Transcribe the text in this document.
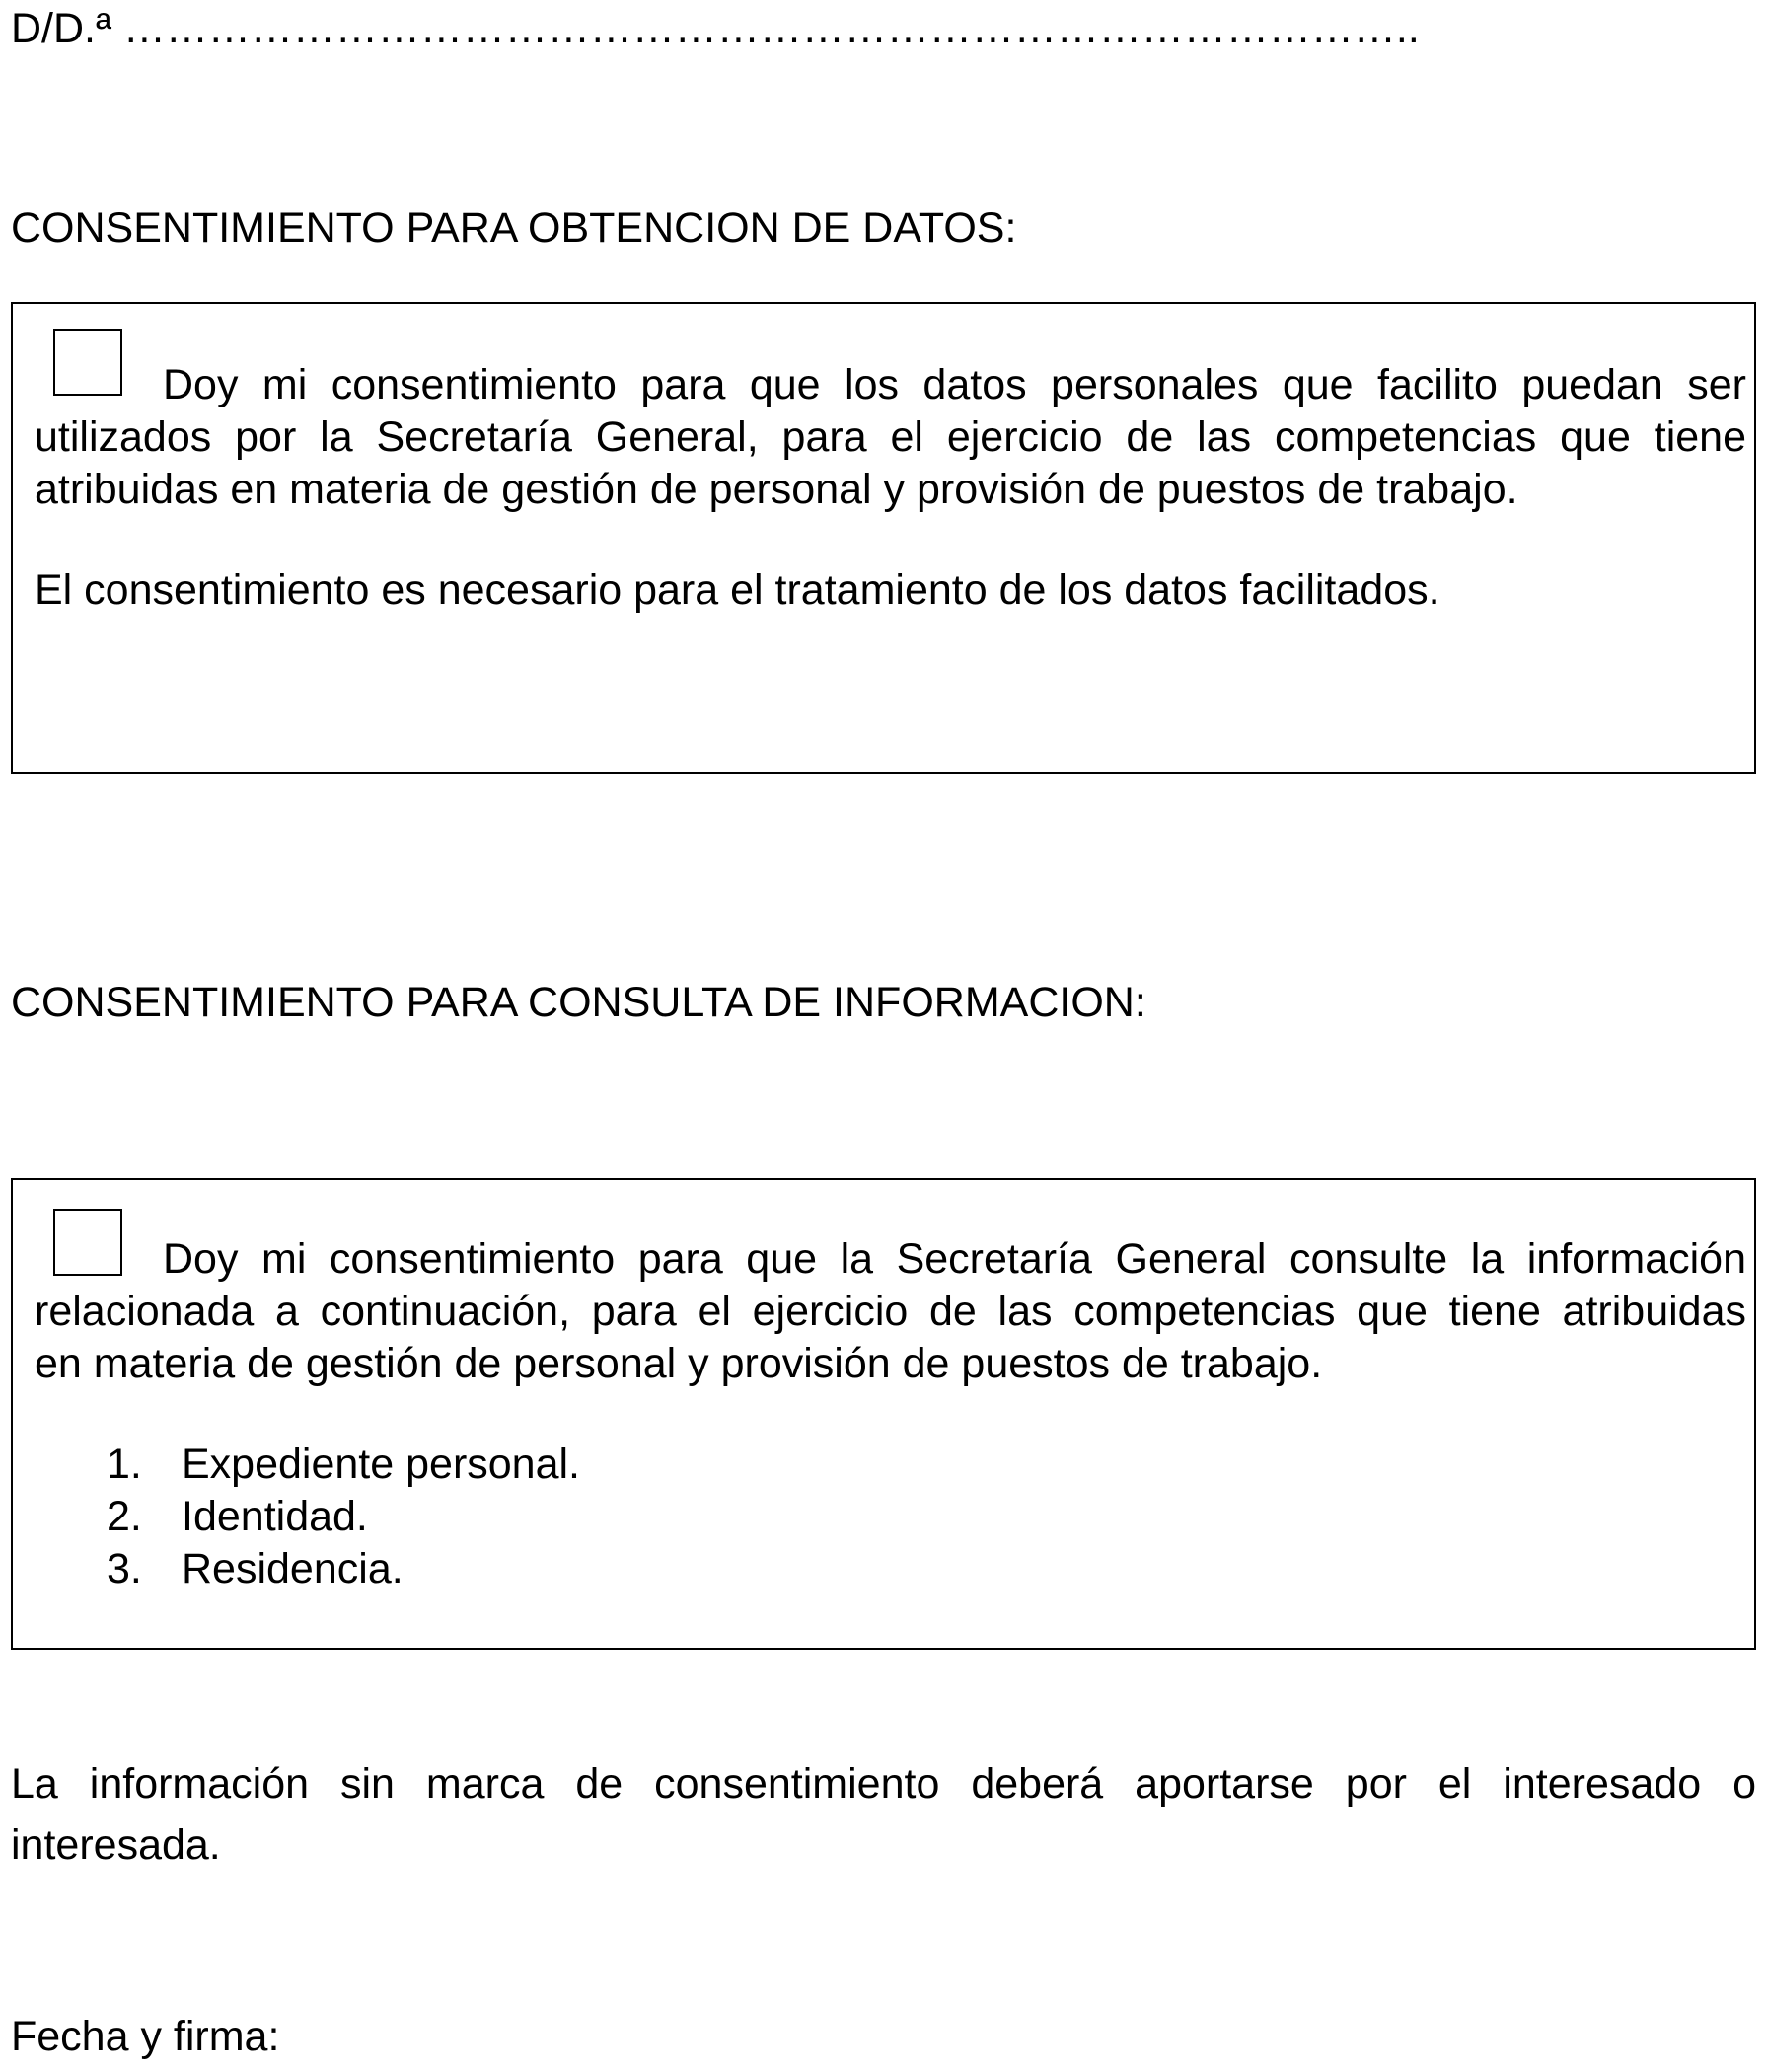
D/D.ª ………………………………………………………………………………..
CONSENTIMIENTO PARA OBTENCION DE DATOS:
Doy mi consentimiento para que los datos personales que facilito puedan ser
utilizados por la Secretaría General, para el ejercicio de las competencias que tiene
atribuidas en materia de gestión de personal y provisión de puestos de trabajo.
El consentimiento es necesario para el tratamiento de los datos facilitados.
CONSENTIMIENTO PARA CONSULTA DE INFORMACION:
Doy mi consentimiento para que la Secretaría General consulte la información
relacionada a continuación, para el ejercicio de las competencias que tiene atribuidas
en materia de gestión de personal y provisión de puestos de trabajo.
1. Expediente personal.
2. Identidad.
3. Residencia.
La información sin marca de consentimiento deberá aportarse por el interesado o
interesada.
Fecha y firma:
